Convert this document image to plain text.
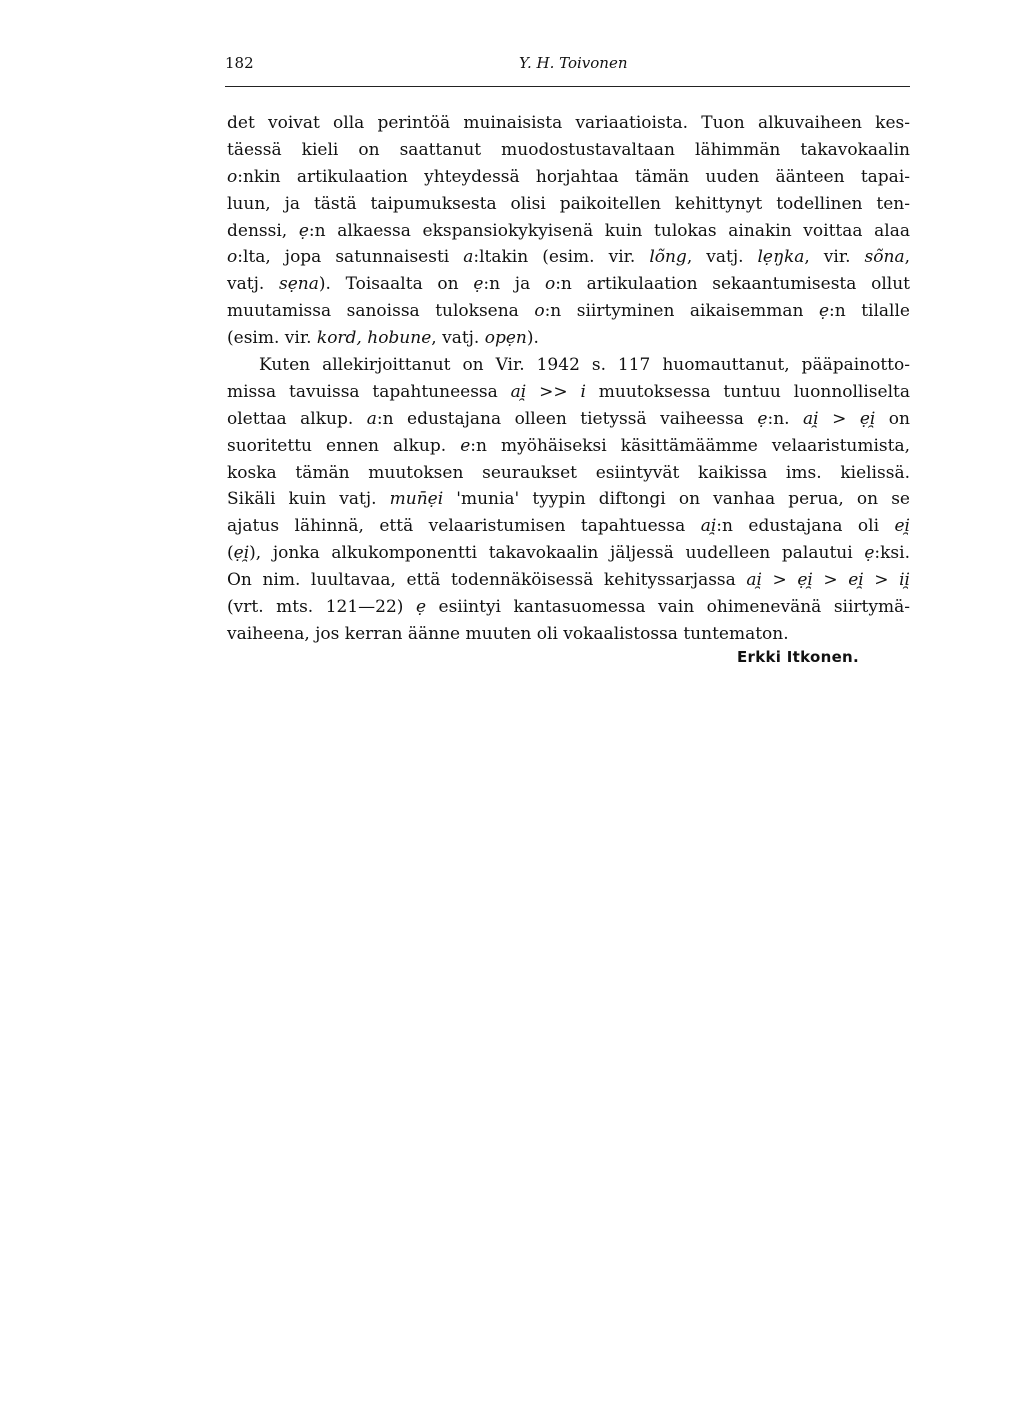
182	Y. H. Toivonen
det voivat olla perintöä muinaisista variaatioista. Tuon alkuvaiheen kes-
täessä kieli on saattanut muodostustavaltaan lähimmän takavokaalin
o:nkin artikulaation yhteydessä horjahtaa tämän uuden äänteen tapai-
luun, ja tästä taipumuksesta olisi paikoitellen kehittynyt todellinen ten-
denssi, ẹ:n alkaessa ekspansiokykyisenä kuin tulokas ainakin voittaa alaa
o:lta, jopa satunnaisesti a:ltakin (esim. vir. lõng, vatj. lẹŋka, vir. sõna,
vatj. sẹna). Toisaalta on ẹ:n ja o:n artikulaation sekaantumisesta ollut
muutamissa sanoissa tuloksena o:n siirtyminen aikaisemman ẹ:n tilalle
(esim. vir. kord, hobune, vatj. opẹn).
Kuten allekirjoittanut on Vir. 1942 s. 117 huomauttanut, pääpainotto-
missa tavuissa tapahtuneessa ai̯ >> i muutoksessa tuntuu luonnolliselta
olettaa alkup. a:n edustajana olleen tietyssä vaiheessa ẹ:n. ai̯ > ẹi̯ on
suoritettu ennen alkup. e:n myöhäiseksi käsittämäämme velaaristumista,
koska tämän muutoksen seuraukset esiintyvät kaikissa ims. kielissä.
Sikäli kuin vatj. mun̄ẹi 'munia' tyypin diftongi on vanhaa perua, on se
ajatus lähinnä, että velaaristumisen tapahtuessa ai̯:n edustajana oli ei̯
(ẹi̯), jonka alkukomponentti takavokaalin jäljessä uudelleen palautui ẹ:ksi.
On nim. luultavaa, että todennäköisessä kehityssarjassa ai̯ > ẹi̯ > ei̯ > ii̯
(vrt. mts. 121—22) ẹ esiintyi kantasuomessa vain ohimenevänä siirtymä-
vaiheena, jos kerran äänne muuten oli vokaalistossa tuntematon.
Erkki Itkonen.
